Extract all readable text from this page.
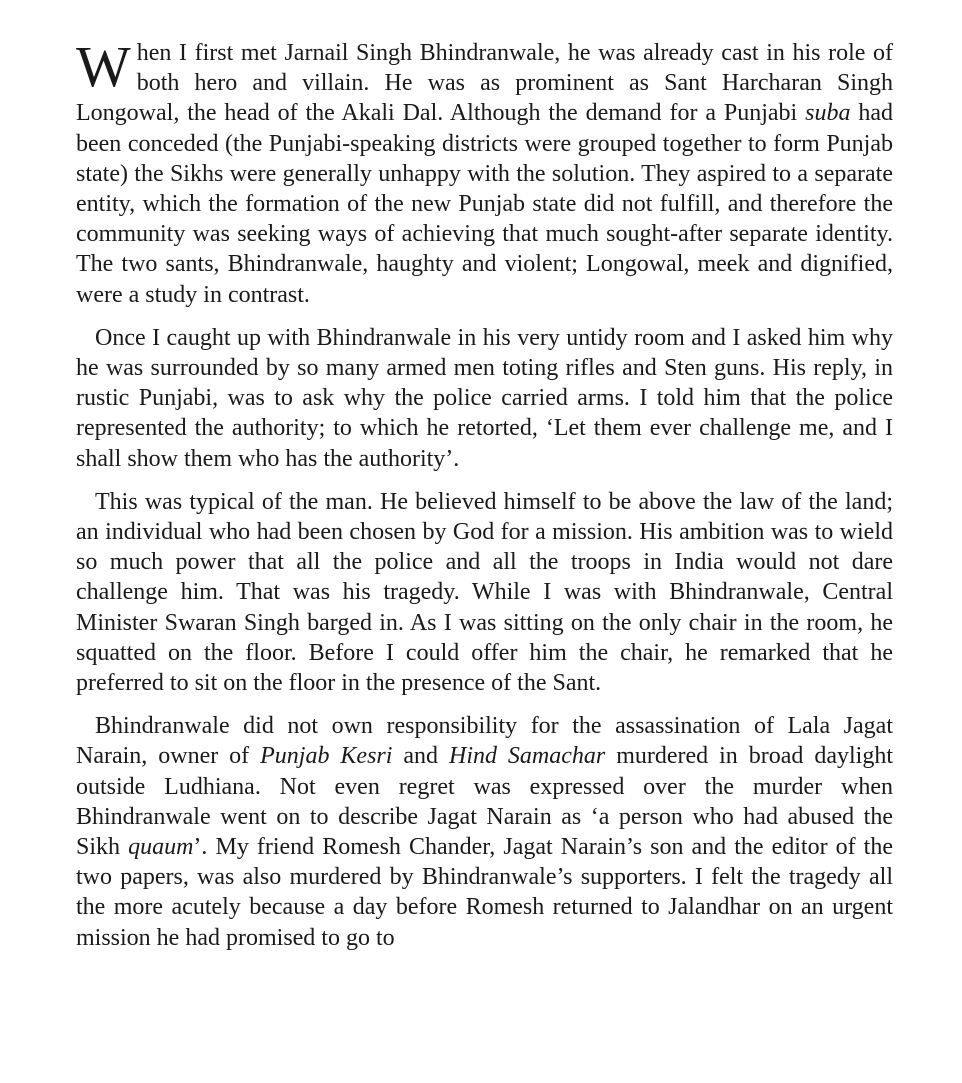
When I first met Jarnail Singh Bhindranwale, he was already cast in his role of both hero and villain. He was as prominent as Sant Harcharan Singh Longowal, the head of the Akali Dal. Although the demand for a Punjabi suba had been conceded (the Punjabi-speaking districts were grouped together to form Punjab state) the Sikhs were generally unhappy with the solution. They aspired to a separate entity, which the formation of the new Punjab state did not fulfill, and therefore the community was seeking ways of achieving that much sought-after separate identity. The two sants, Bhindranwale, haughty and violent; Longowal, meek and dignified, were a study in contrast.

Once I caught up with Bhindranwale in his very untidy room and I asked him why he was surrounded by so many armed men toting rifles and Sten guns. His reply, in rustic Punjabi, was to ask why the police carried arms. I told him that the police represented the authority; to which he retorted, ‘Let them ever challenge me, and I shall show them who has the authority’.

This was typical of the man. He believed himself to be above the law of the land; an individual who had been chosen by God for a mission. His ambition was to wield so much power that all the police and all the troops in India would not dare challenge him. That was his tragedy. While I was with Bhindranwale, Central Minister Swaran Singh barged in. As I was sitting on the only chair in the room, he squatted on the floor. Before I could offer him the chair, he remarked that he preferred to sit on the floor in the presence of the Sant.

Bhindranwale did not own responsibility for the assassination of Lala Jagat Narain, owner of Punjab Kesri and Hind Samachar murdered in broad daylight outside Ludhiana. Not even regret was expressed over the murder when Bhindranwale went on to describe Jagat Narain as ‘a person who had abused the Sikh quaum’. My friend Romesh Chander, Jagat Narain’s son and the editor of the two papers, was also murdered by Bhindranwale’s supporters. I felt the tragedy all the more acutely because a day before Romesh returned to Jalandhar on an urgent mission he had promised to go to
